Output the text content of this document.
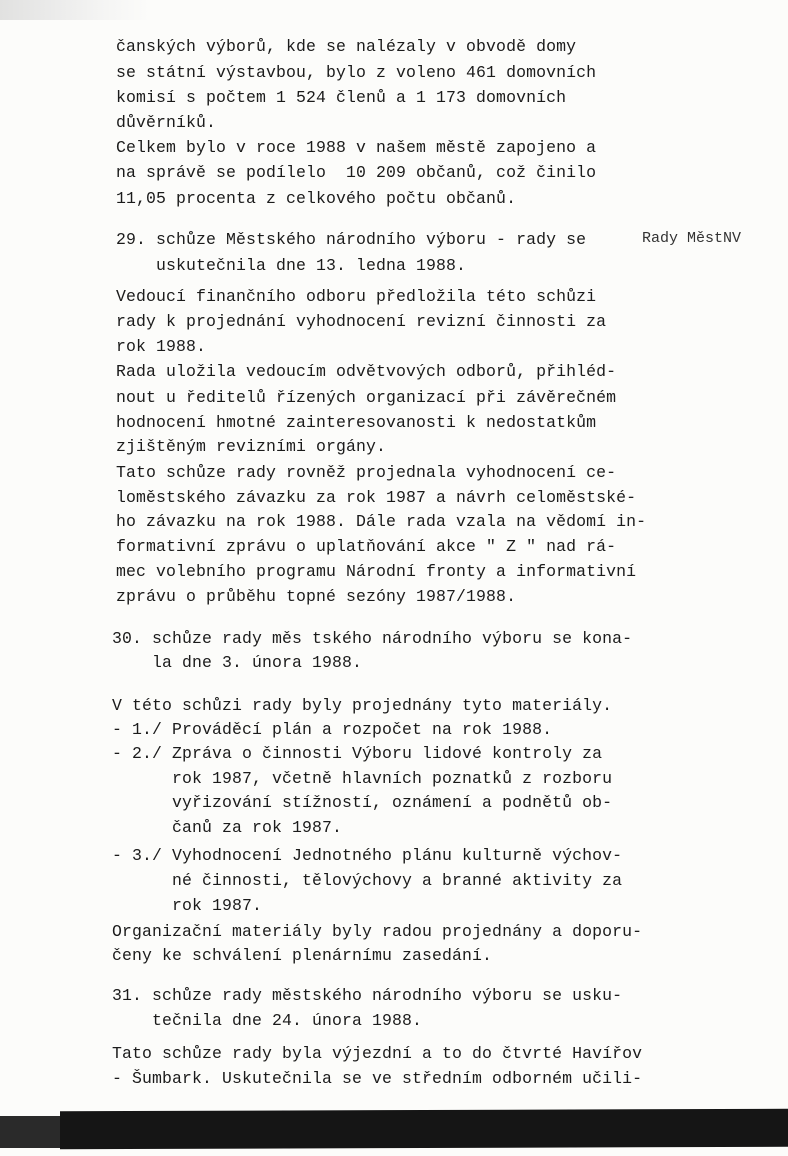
čanských výborů, kde se nalézaly v obvodě domy
se státní výstavbou, bylo z voleno 461 domovních
komisí s počtem 1 524 členů a 1 173 domovních
důvěrníků.
Celkem bylo v roce 1988 v našem městě zapojeno a
na správě se podílelo  10 209 občanů, což činilo
11,05 procenta z celkového počtu občanů.
29. schůze Městského národního výboru - rady se
uskutečnila dne 13. ledna 1988.
Rady MěstNV
Vedoucí finančního odboru předložila této schůzi
rady k projednání vyhodnocení revizní činnosti za
rok 1988.
Rada uložila vedoucím odvětvových odborů, přihléd-
nout u ředitelů řízených organizací při závěrečném
hodnocení hmotné zainteresovanosti k nedostatkům
zjištěným revizními orgány.
Tato schůze rady rovněž projednala vyhodnocení ce-
loměstského závazku za rok 1987 a návrh celoměstské-
ho závazku na rok 1988. Dále rada vzala na vědomí in-
formativní zprávu o uplatňování akce " Z " nad rá-
mec volebního programu Národní fronty a informativní
zprávu o průběhu topné sezóny 1987/1988.
30. schůze rady měs tského národního výboru se kona-
la dne 3. února 1988.
V této schůzi rady byly projednány tyto materiály.
- 1./ Prováděcí plán a rozpočet na rok 1988.
- 2./ Zpráva o činnosti Výboru lidové kontroly za
rok 1987, včetně hlavních poznatků z rozboru
vyřizování stížností, oznámení a podnětů ob-
čanů za rok 1987.
- 3./ Vyhodnocení Jednotného plánu kulturně výchov-
né činnosti, tělovýchovy a branné aktivity za
rok 1987.
Organizační materiály byly radou projednány a doporu-
čeny ke schválení plenárnímu zasedání.
31. schůze rady městského národního výboru se usku-
tečnila dne 24. února 1988.
Tato schůze rady byla výjezdní a to do čtvrté Havířov
- Šumbark. Uskutečnila se ve středním odborném učili-
